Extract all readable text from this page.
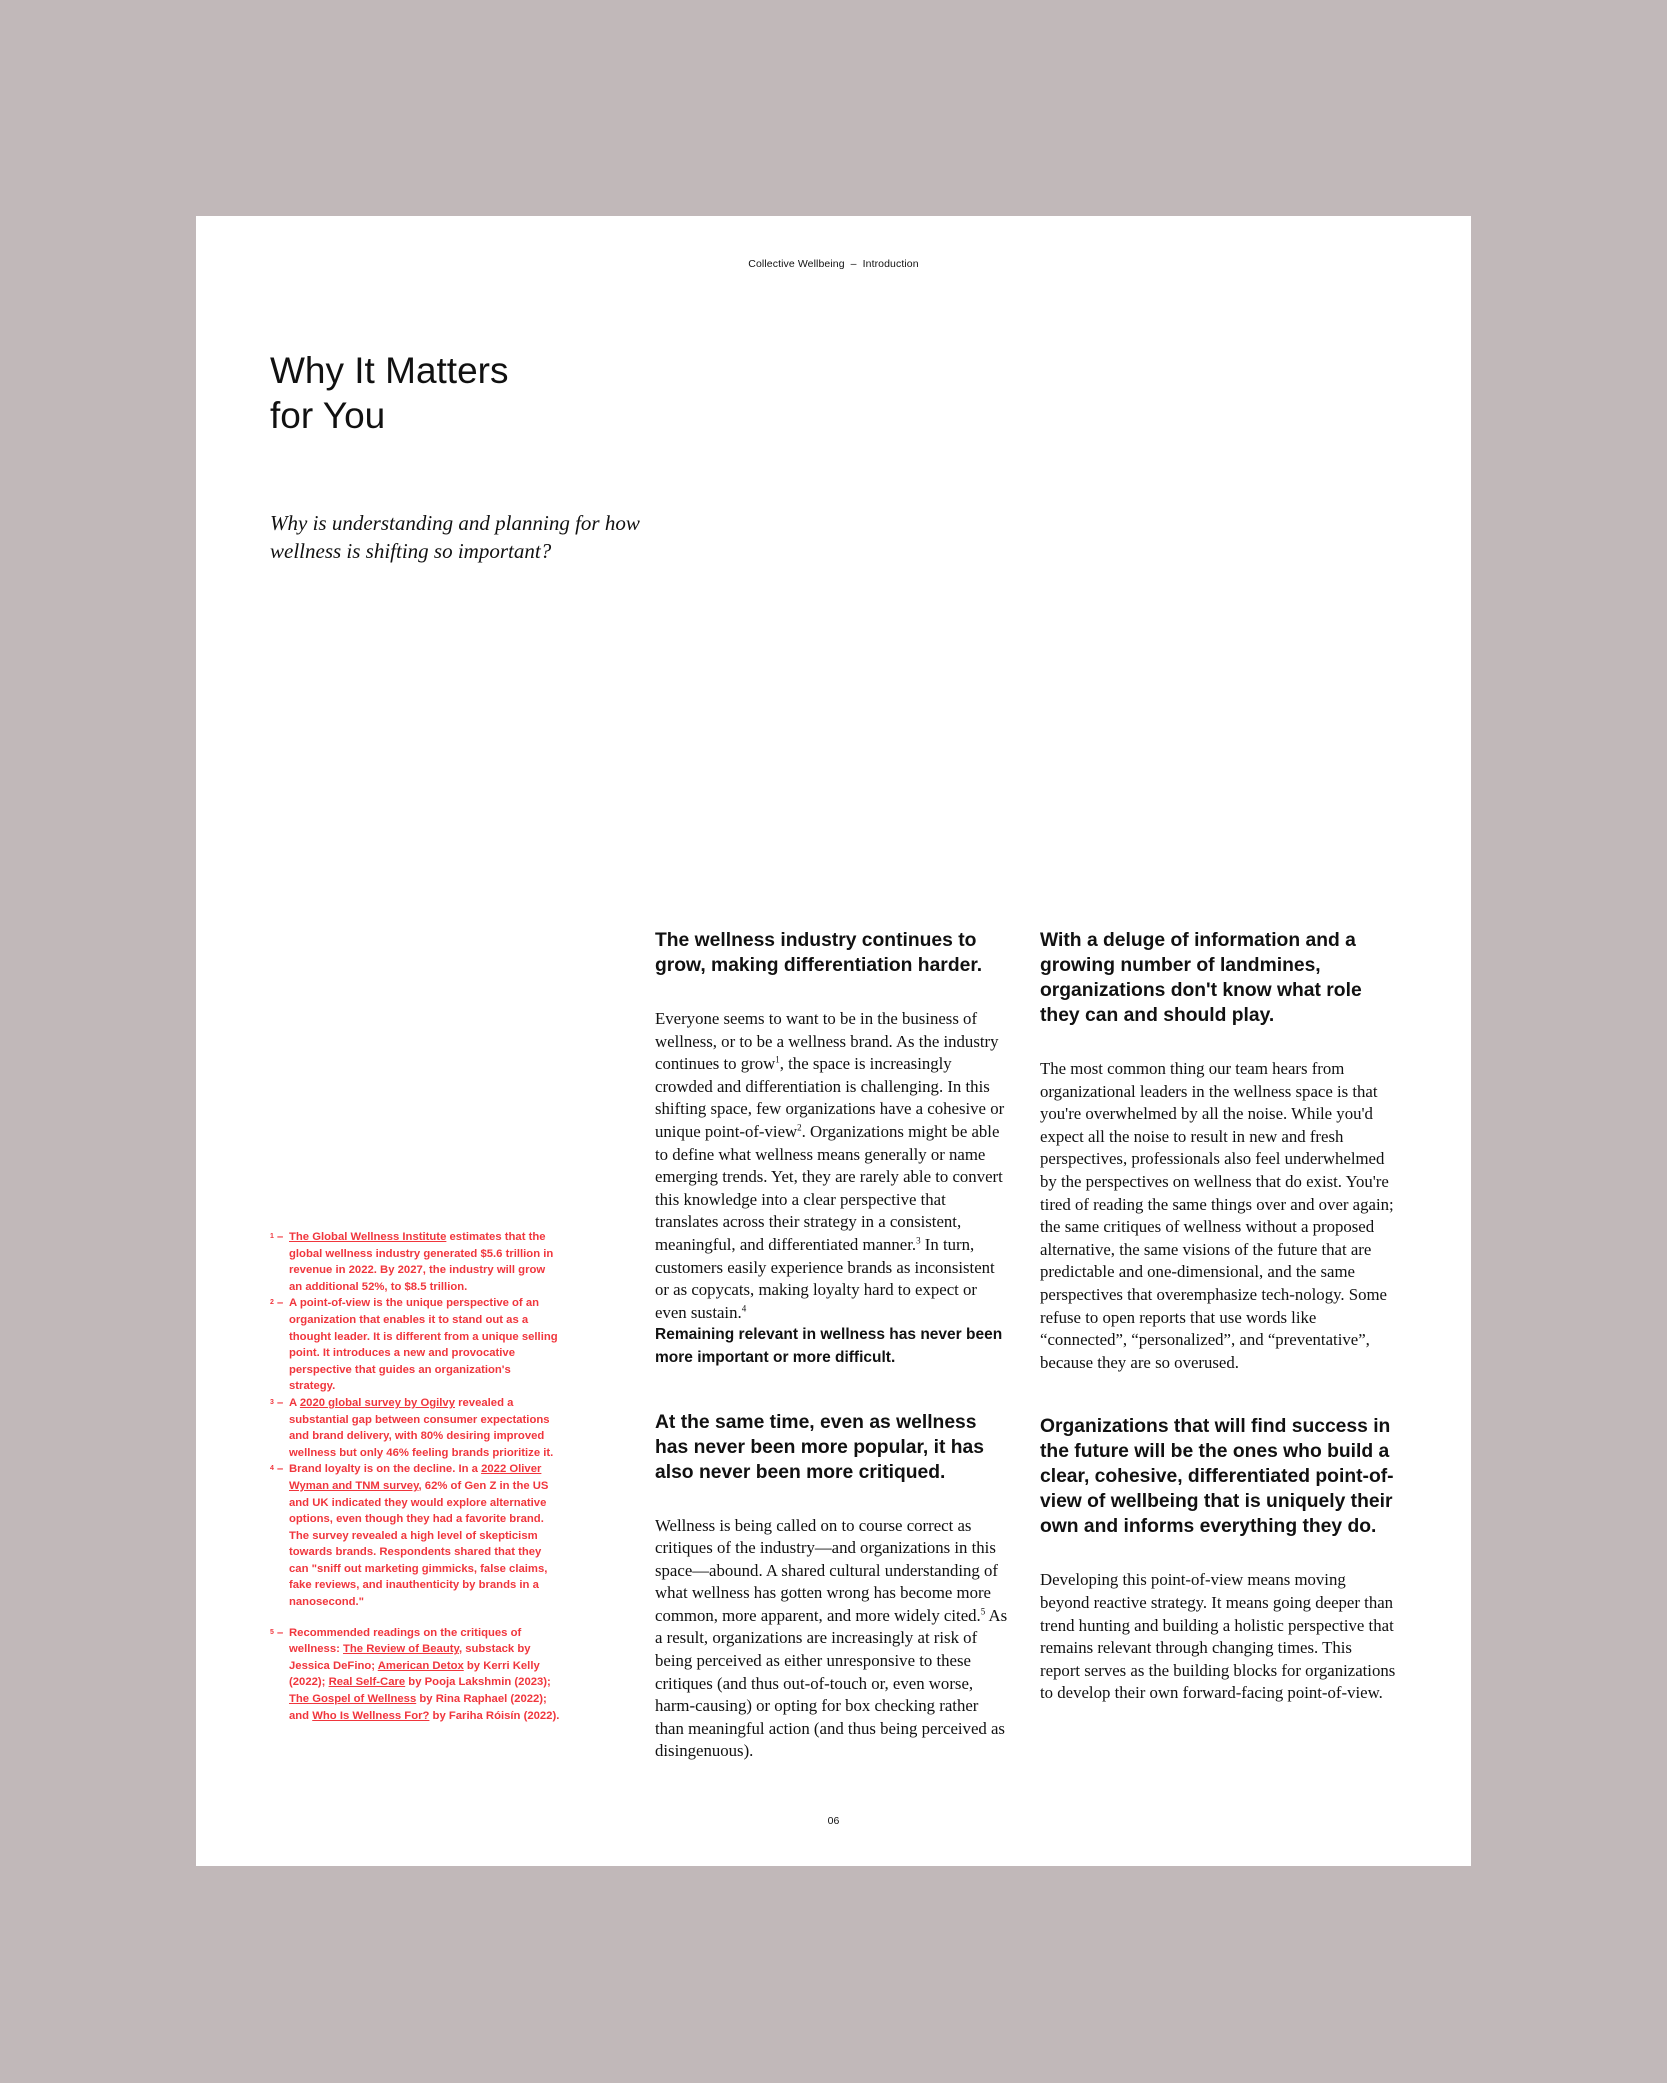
Collective Wellbeing – Introduction
Why It Matters
for You

Why is understanding and planning for how wellness is shifting so important?

$^1$ – The Global Wellness Institute estimates that the global wellness industry generated $5.6 trillion in revenue in 2022. By 2027, the industry will grow an additional 52%, to $8.5 trillion.

$^2$ – A point-of-view is the unique perspective of an organization that enables it to stand out as a thought leader. It is different from a unique selling point. It introduces a new and provocative perspective that guides an organization's strategy.

$^3$ – A 2020 global survey by Ogilvy revealed a substantial gap between consumer expectations and brand delivery, with 80% desiring improved wellness but only 46% feeling brands prioritize it.

$^4$ – Brand loyalty is on the decline. In a 2022 Oliver Wyman and TNM survey, 62% of Gen Z in the US and UK indicated they would explore alternative options, even though they had a favorite brand. The survey revealed a high level of skepticism towards brands. Respondents shared that they can "sniff out marketing gimmicks, false claims, fake reviews, and inauthenticity by brands in a nanosecond."

$^5$ – Recommended readings on the critiques of wellness: The Review of Beauty, substack by Jessica DeFino; American Detox by Kerri Kelly (2022); Real Self-Care by Pooja Lakshmin (2023); The Gospel of Wellness by Rina Raphael (2022); and Who Is Wellness For? by Fariha Róisín (2022).

The wellness industry continues to grow, making differentiation harder.

Everyone seems to want to be in the business of wellness, or to be a wellness brand. As the industry continues to grow$^1$, the space is increasingly crowded and differentiation is challenging. In this shifting space, few organizations have a cohesive or unique point-of-view$^2$. Organizations might be able to define what wellness means generally or name emerging trends. Yet, they are rarely able to convert this knowledge into a clear perspective that translates across their strategy in a consistent, meaningful, and differentiated manner.$^3$ In turn, customers easily experience brands as inconsistent or as copycats, making loyalty hard to expect or even sustain.$^4$

Remaining relevant in wellness has never been more important or more difficult.

At the same time, even as wellness has never been more popular, it has also never been more critiqued.

Wellness is being called on to course correct as critiques of the industry—and organizations in this space—abound. A shared cultural understanding of what wellness has gotten wrong has become more common, more apparent, and more widely cited.$^5$ As a result, organizations are increasingly at risk of being perceived as either unresponsive to these critiques (and thus out-of-touch or, even worse, harm-causing) or opting for box checking rather than meaningful action (and thus being perceived as disingenuous).

With a deluge of information and a growing number of landmines, organizations don't know what role they can and should play.

The most common thing our team hears from organizational leaders in the wellness space is that you're overwhelmed by all the noise. While you'd expect all the noise to result in new and fresh perspectives, professionals also feel underwhelmed by the perspectives on wellness that do exist. You're tired of reading the same things over and over again; the same critiques of wellness without a proposed alternative, the same visions of the future that are predictable and one-dimensional, and the same perspectives that overemphasize tech-nology. Some refuse to open reports that use words like “connected”, “personalized”, and “preventative”, because they are so overused.

Organizations that will find success in the future will be the ones who build a clear, cohesive, differentiated point-of-view of wellbeing that is uniquely their own and informs everything they do.

Developing this point-of-view means moving beyond reactive strategy. It means going deeper than trend hunting and building a holistic perspective that remains relevant through changing times. This report serves as the building blocks for organizations to develop their own forward-facing point-of-view.

06
